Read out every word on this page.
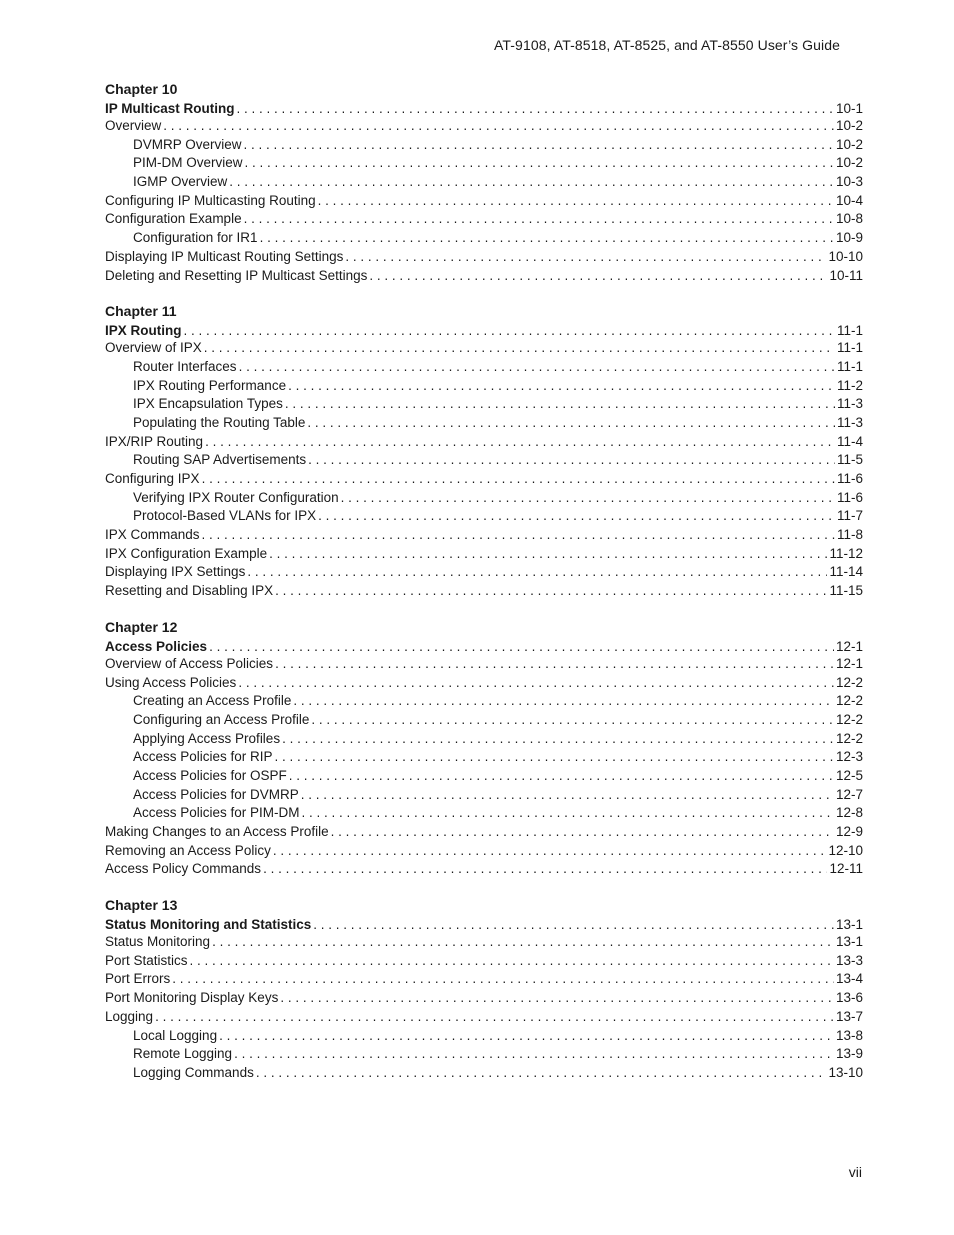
AT-9108, AT-8518, AT-8525, and AT-8550 User’s Guide
Chapter 10
IP Multicast Routing . . .	10-1
Overview . . .	10-2
DVMRP Overview . . .	10-2
PIM-DM Overview . . .	10-2
IGMP Overview . . .	10-3
Configuring IP Multicasting Routing . . .	10-4
Configuration Example . . .	10-8
Configuration for IR1 . . .	10-9
Displaying IP Multicast Routing Settings . . .	10-10
Deleting and Resetting IP Multicast Settings . . .	10-11
Chapter 11
IPX Routing . . .	11-1
Overview of IPX . . .	11-1
Router Interfaces . . .	11-1
IPX Routing Performance . . .	11-2
IPX Encapsulation Types . . .	11-3
Populating the Routing Table . . .	11-3
IPX/RIP Routing . . .	11-4
Routing SAP Advertisements . . .	11-5
Configuring IPX . . .	11-6
Verifying IPX Router Configuration . . .	11-6
Protocol-Based VLANs for IPX . . .	11-7
IPX Commands . . .	11-8
IPX Configuration Example . . .	11-12
Displaying IPX Settings . . .	11-14
Resetting and Disabling IPX . . .	11-15
Chapter 12
Access Policies . . .	12-1
Overview of Access Policies . . .	12-1
Using Access Policies . . .	12-2
Creating an Access Profile . . .	12-2
Configuring an Access Profile . . .	12-2
Applying Access Profiles . . .	12-2
Access Policies for RIP . . .	12-3
Access Policies for OSPF . . .	12-5
Access Policies for DVMRP . . .	12-7
Access Policies for PIM-DM . . .	12-8
Making Changes to an Access Profile . . .	12-9
Removing an Access Policy . . .	12-10
Access Policy Commands . . .	12-11
Chapter 13
Status Monitoring and Statistics . . .	13-1
Status Monitoring . . .	13-1
Port Statistics . . .	13-3
Port Errors . . .	13-4
Port Monitoring Display Keys . . .	13-6
Logging . . .	13-7
Local Logging . . .	13-8
Remote Logging . . .	13-9
Logging Commands . . .	13-10
vii
